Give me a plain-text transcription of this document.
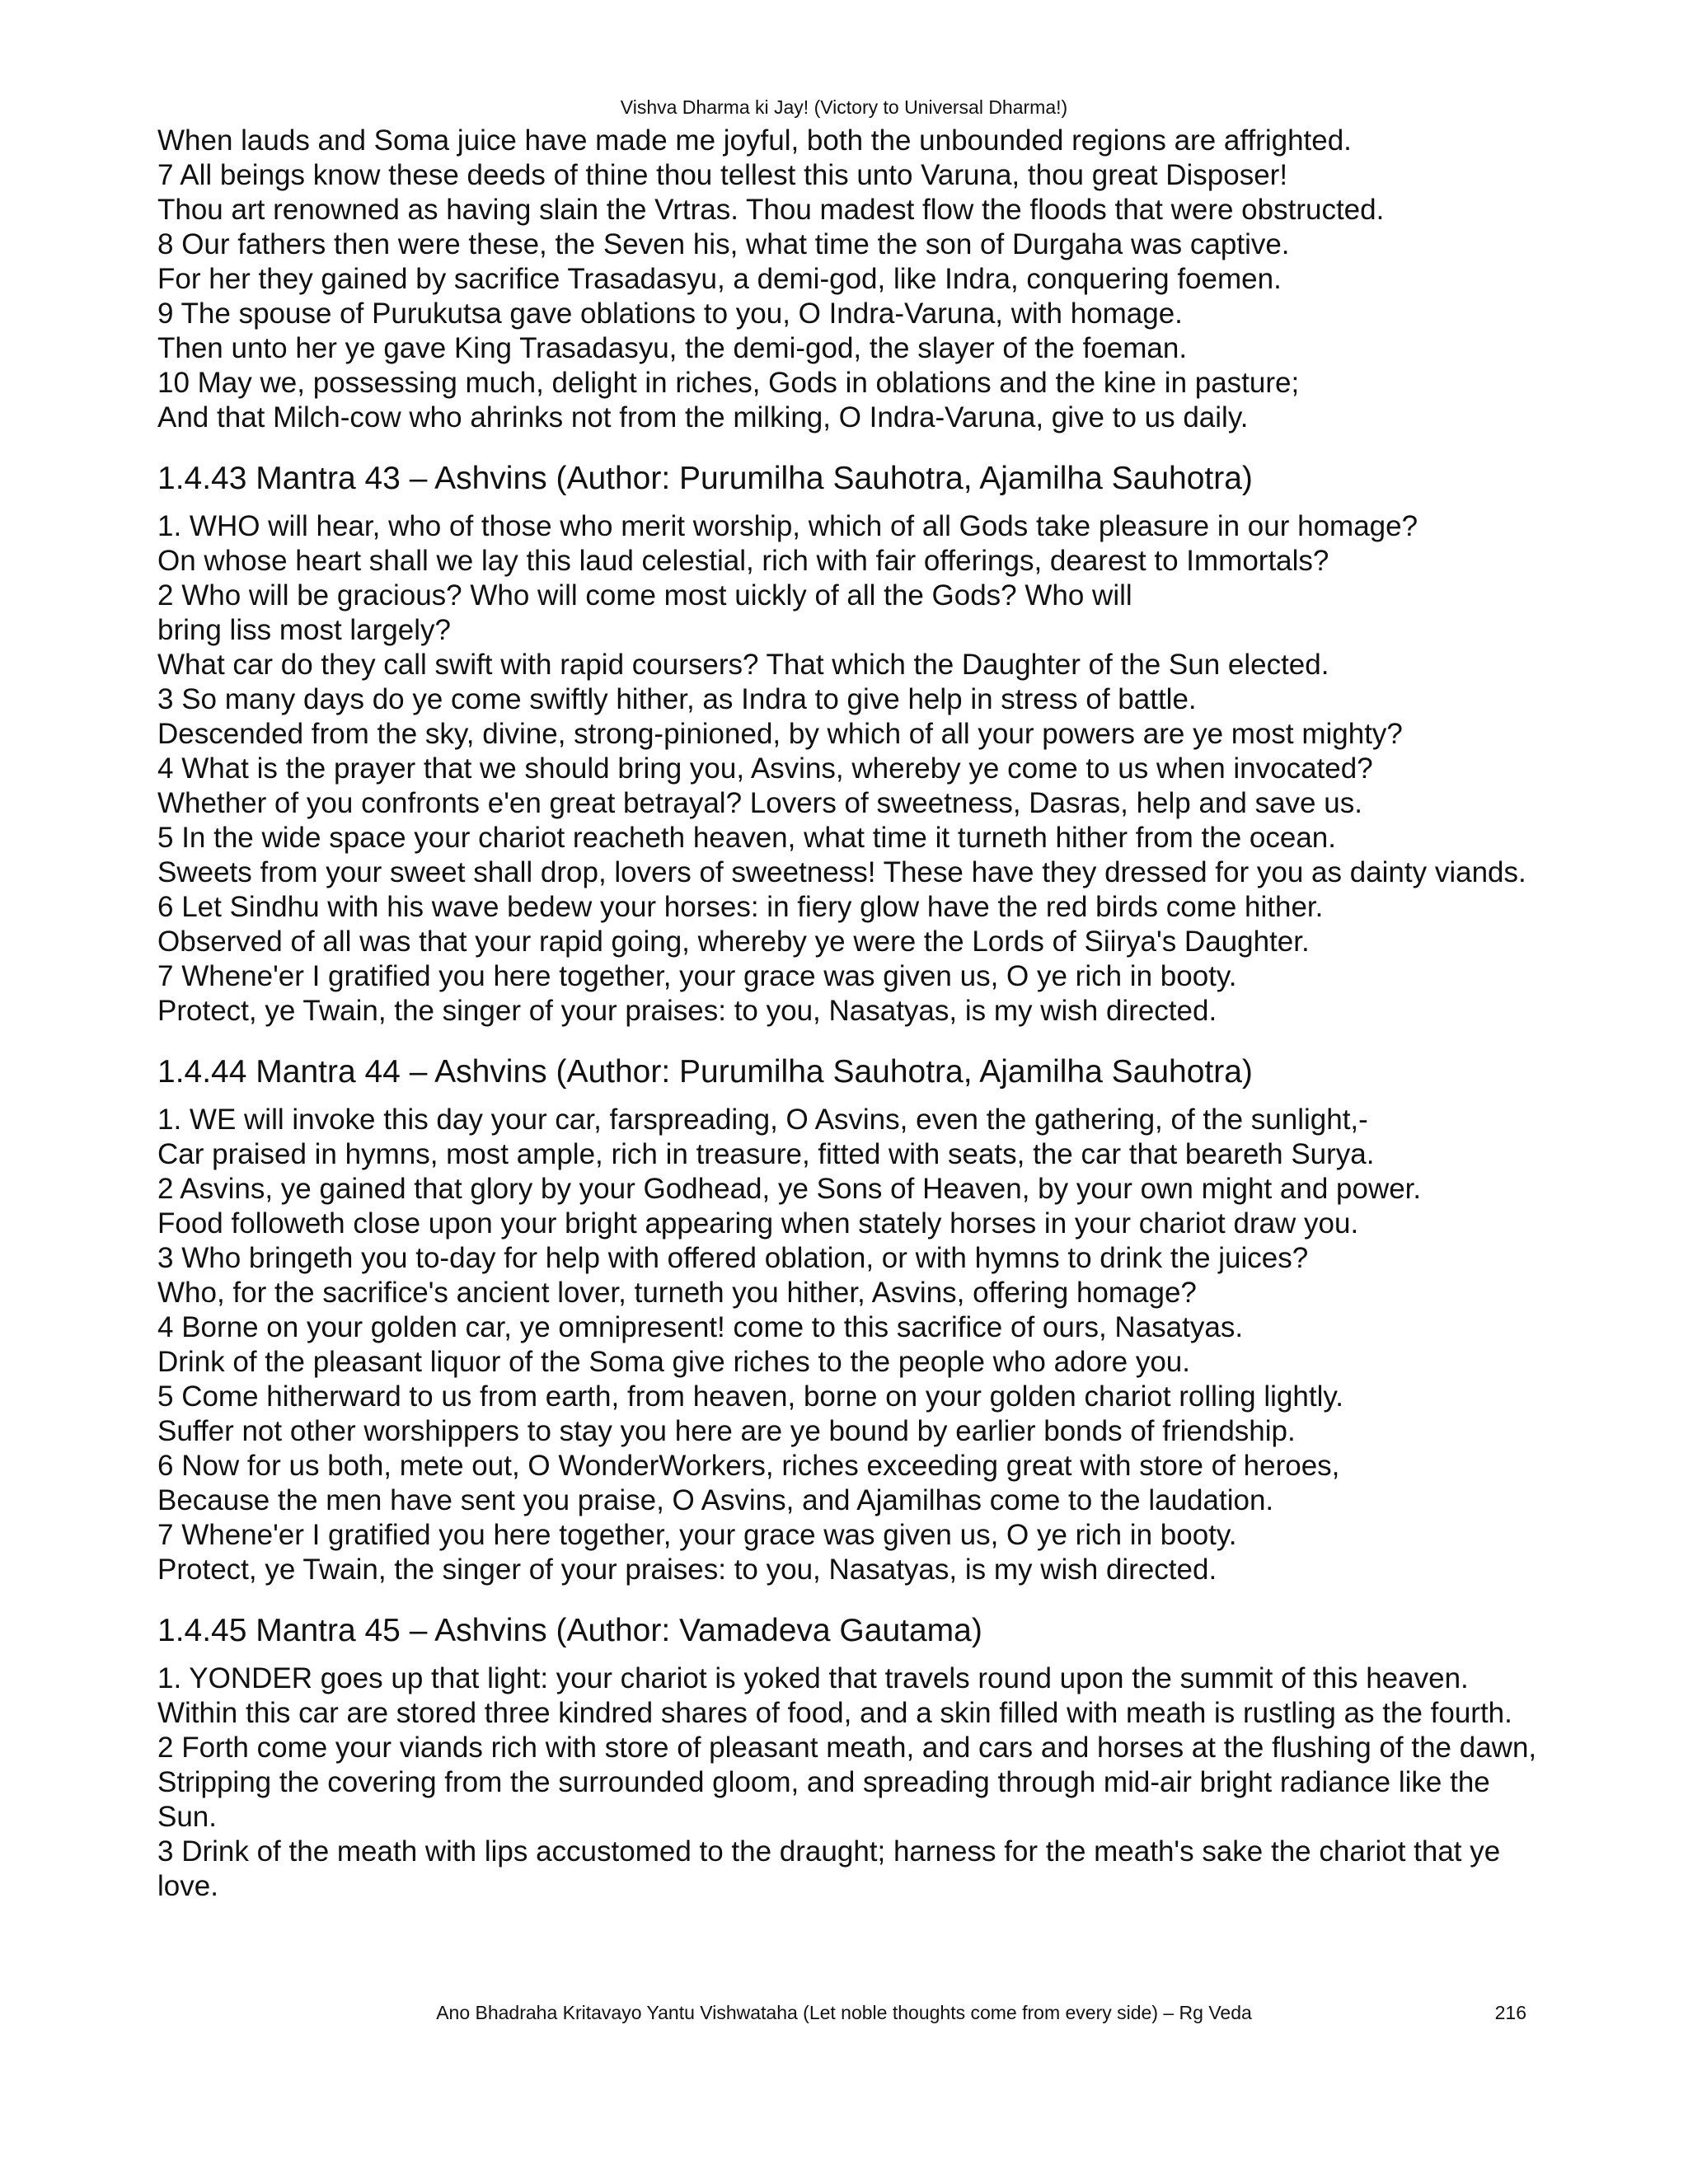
Vishva Dharma ki Jay! (Victory to Universal Dharma!)
When lauds and Soma juice have made me joyful, both the unbounded regions are affrighted.
7 All beings know these deeds of thine thou tellest this unto Varuna, thou great Disposer!
Thou art renowned as having slain the Vrtras. Thou madest flow the floods that were obstructed.
8 Our fathers then were these, the Seven his, what time the son of Durgaha was captive.
For her they gained by sacrifice Trasadasyu, a demi-god, like Indra, conquering foemen.
9 The spouse of Purukutsa gave oblations to you, O Indra-Varuna, with homage.
Then unto her ye gave King Trasadasyu, the demi-god, the slayer of the foeman.
10 May we, possessing much, delight in riches, Gods in oblations and the kine in pasture;
And that Milch-cow who ahrinks not from the milking, O Indra-Varuna, give to us daily.
1.4.43 Mantra 43 – Ashvins (Author: Purumilha Sauhotra, Ajamilha Sauhotra)
1. WHO will hear, who of those who merit worship, which of all Gods take pleasure in our homage?
On whose heart shall we lay this laud celestial, rich with fair offerings, dearest to Immortals?
2 Who will be gracious? Who will come most uickly of all the Gods? Who will
bring liss most largely?
What car do they call swift with rapid coursers? That which the Daughter of the Sun elected.
3 So many days do ye come swiftly hither, as Indra to give help in stress of battle.
Descended from the sky, divine, strong-pinioned, by which of all your powers are ye most mighty?
4 What is the prayer that we should bring you, Asvins, whereby ye come to us when invocated?
Whether of you confronts e'en great betrayal? Lovers of sweetness, Dasras, help and save us.
5 In the wide space your chariot reacheth heaven, what time it turneth hither from the ocean.
Sweets from your sweet shall drop, lovers of sweetness! These have they dressed for you as dainty viands.
6 Let Sindhu with his wave bedew your horses: in fiery glow have the red birds come hither.
Observed of all was that your rapid going, whereby ye were the Lords of Siirya's Daughter.
7 Whene'er I gratified you here together, your grace was given us, O ye rich in booty.
Protect, ye Twain, the singer of your praises: to you, Nasatyas, is my wish directed.
1.4.44 Mantra 44 – Ashvins (Author: Purumilha Sauhotra, Ajamilha Sauhotra)
1. WE will invoke this day your car, farspreading, O Asvins, even the gathering, of the sunlight,-
Car praised in hymns, most ample, rich in treasure, fitted with seats, the car that beareth Surya.
2 Asvins, ye gained that glory by your Godhead, ye Sons of Heaven, by your own might and power.
Food followeth close upon your bright appearing when stately horses in your chariot draw you.
3 Who bringeth you to-day for help with offered oblation, or with hymns to drink the juices?
Who, for the sacrifice's ancient lover, turneth you hither, Asvins, offering homage?
4 Borne on your golden car, ye omnipresent! come to this sacrifice of ours, Nasatyas.
Drink of the pleasant liquor of the Soma give riches to the people who adore you.
5 Come hitherward to us from earth, from heaven, borne on your golden chariot rolling lightly.
Suffer not other worshippers to stay you here are ye bound by earlier bonds of friendship.
6 Now for us both, mete out, O WonderWorkers, riches exceeding great with store of heroes,
Because the men have sent you praise, O Asvins, and Ajamilhas come to the laudation.
7 Whene'er I gratified you here together, your grace was given us, O ye rich in booty.
Protect, ye Twain, the singer of your praises: to you, Nasatyas, is my wish directed.
1.4.45 Mantra 45 – Ashvins (Author: Vamadeva Gautama)
1. YONDER goes up that light: your chariot is yoked that travels round upon the summit of this heaven.
Within this car are stored three kindred shares of food, and a skin filled with meath is rustling as the fourth.
2 Forth come your viands rich with store of pleasant meath, and cars and horses at the flushing of the dawn,
Stripping the covering from the surrounded gloom, and spreading through mid-air bright radiance like the Sun.
3 Drink of the meath with lips accustomed to the draught; harness for the meath's sake the chariot that ye love.
Ano Bhadraha Kritavayo Yantu Vishwataha (Let noble thoughts come from every side) – Rg Veda	216
